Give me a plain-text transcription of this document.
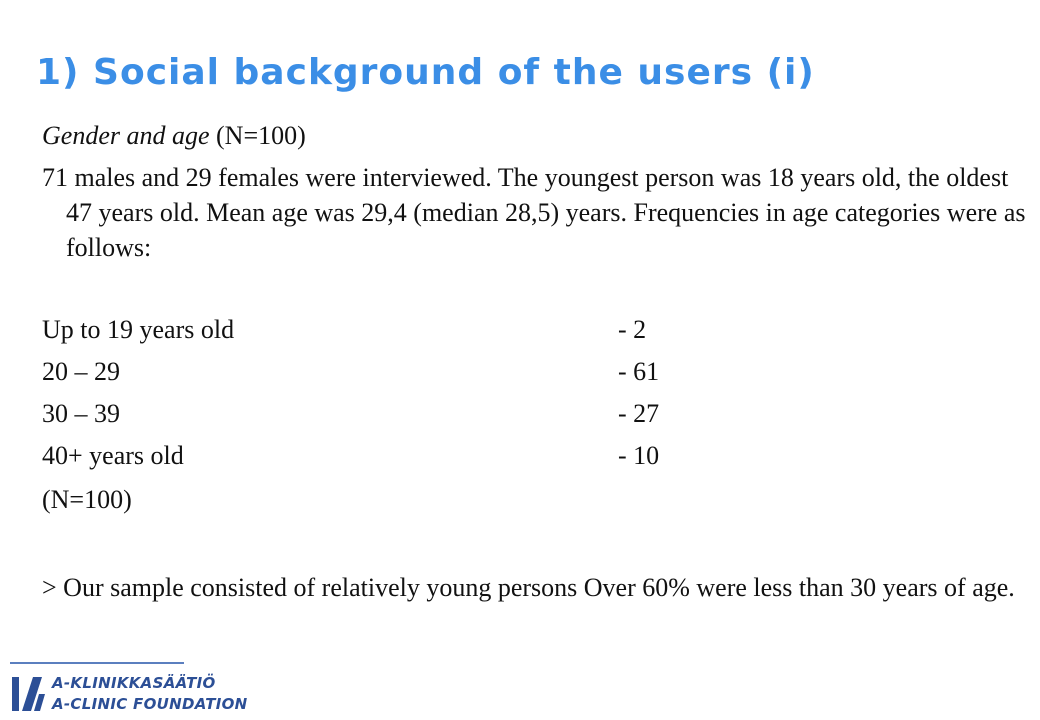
1) Social background of the users (i)
Gender and age (N=100)
71 males and 29 females were interviewed. The youngest person was 18 years old, the oldest 47 years old. Mean age was 29,4 (median 28,5) years. Frequencies in age categories were as follows:
Up to 19 years old	- 2
20 – 29	- 61
30 – 39	- 27
40+ years old	- 10
(N=100)
> Our sample consisted of relatively young persons Over 60% were less than 30 years of age.
A-KLINIKKASÄÄTIÖ
A-CLINIC FOUNDATION
